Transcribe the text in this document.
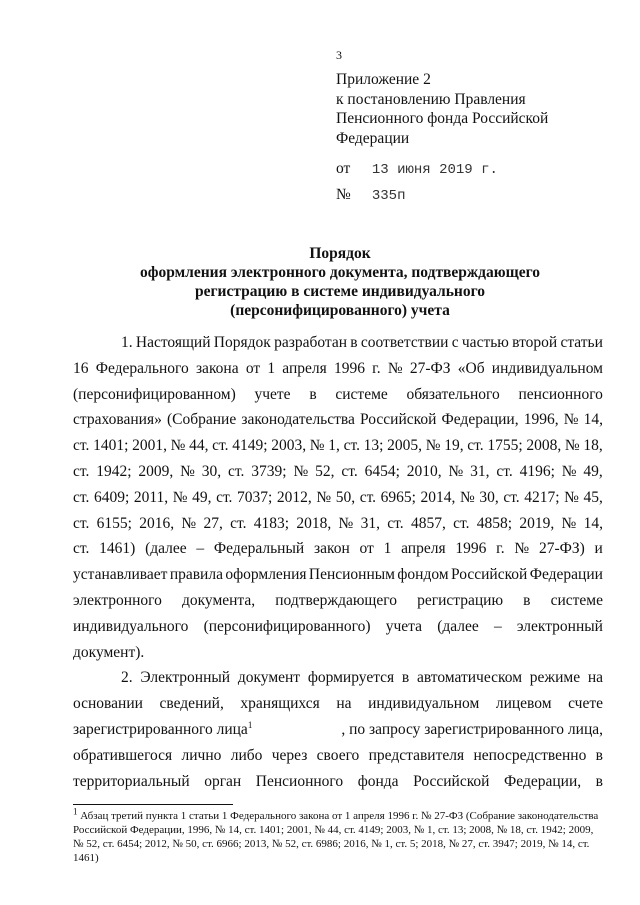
3
Приложение 2
к постановлению Правления
Пенсионного фонда Российской
Федерации
от 13 июня 2019 г.
№ 335п
Порядок
оформления электронного документа, подтверждающего
регистрацию в системе индивидуального
(персонифицированного) учета
1. Настоящий Порядок разработан в соответствии с частью второй статьи
16 Федерального закона от 1 апреля 1996 г. № 27-ФЗ «Об индивидуальном
(персонифицированном) учете в системе обязательного пенсионного
страхования» (Собрание законодательства Российской Федерации, 1996, № 14,
ст. 1401; 2001, № 44, ст. 4149; 2003, № 1, ст. 13; 2005, № 19, ст. 1755; 2008, № 18,
ст. 1942; 2009, № 30, ст. 3739; № 52, ст. 6454; 2010, № 31, ст. 4196; № 49,
ст. 6409; 2011, № 49, ст. 7037; 2012, № 50, ст. 6965; 2014, № 30, ст. 4217; № 45,
ст. 6155; 2016, № 27, ст. 4183; 2018, № 31, ст. 4857, ст. 4858; 2019, № 14,
ст. 1461) (далее – Федеральный закон от 1 апреля 1996 г. № 27-ФЗ) и
устанавливает правила оформления Пенсионным фондом Российской Федерации
электронного документа, подтверждающего регистрацию в системе
индивидуального (персонифицированного) учета (далее – электронный
документ).
2. Электронный документ формируется в автоматическом режиме на
основании сведений, хранящихся на индивидуальном лицевом счете
зарегистрированного лица$^1$	, по запросу зарегистрированного лица,
обратившегося лично либо через своего представителя непосредственно в
территориальный орган Пенсионного фонда Российской Федерации, в
$^1$ Абзац третий пункта 1 статьи 1 Федерального закона от 1 апреля 1996 г. № 27-ФЗ (Собрание законодательства Российской Федерации, 1996, № 14, ст. 1401; 2001, № 44, ст. 4149; 2003, № 1, ст. 13; 2008, № 18, ст. 1942; 2009, № 52, ст. 6454; 2012, № 50, ст. 6966; 2013, № 52, ст. 6986; 2016, № 1, ст. 5; 2018, № 27, ст. 3947; 2019, № 14, ст. 1461)
